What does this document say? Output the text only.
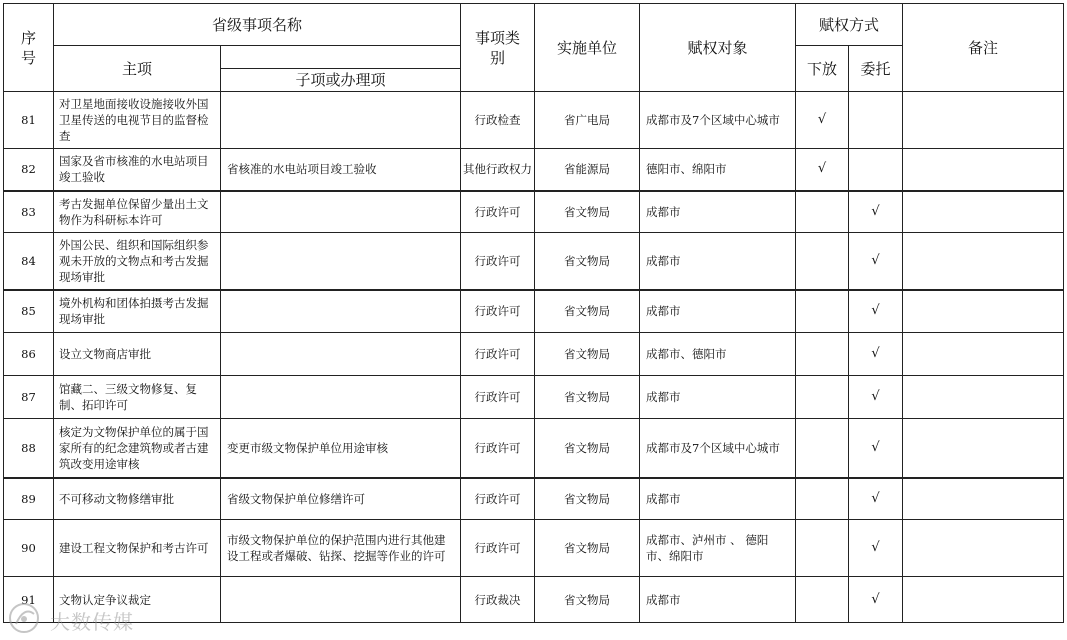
序号	省级事项名称		事项类别	实施单位	赋权对象	赋权方式		备注
	主项					下放	委托	
		子项或办理项						
81	对卫星地面接收设施接收外国卫星传送的电视节目的监督检查		行政检查	省广电局	成都市及7个区域中心城市	√		
82	国家及省市核准的水电站项目竣工验收	省核准的水电站项目竣工验收	其他行政权力	省能源局	德阳市、绵阳市	√		
83	考古发掘单位保留少量出土文物作为科研标本许可		行政许可	省文物局	成都市		√	
84	外国公民、组织和国际组织参观未开放的文物点和考古发掘现场审批		行政许可	省文物局	成都市		√	
85	境外机构和团体拍摄考古发掘现场审批		行政许可	省文物局	成都市		√	
86	设立文物商店审批		行政许可	省文物局	成都市、德阳市		√	
87	馆藏二、三级文物修复、复制、拓印许可		行政许可	省文物局	成都市		√	
88	核定为文物保护单位的属于国家所有的纪念建筑物或者古建筑改变用途审核	变更市级文物保护单位用途审核	行政许可	省文物局	成都市及7个区域中心城市		√	
89	不可移动文物修缮审批	省级文物保护单位修缮许可	行政许可	省文物局	成都市		√	
90	建设工程文物保护和考古许可	市级文物保护单位的保护范围内进行其他建设工程或者爆破、钻探、挖掘等作业的许可	行政许可	省文物局	成都市、泸州市 、 德阳市、绵阳市		√	
91	文物认定争议裁定		行政裁决	省文物局	成都市		√	
大数传媒
